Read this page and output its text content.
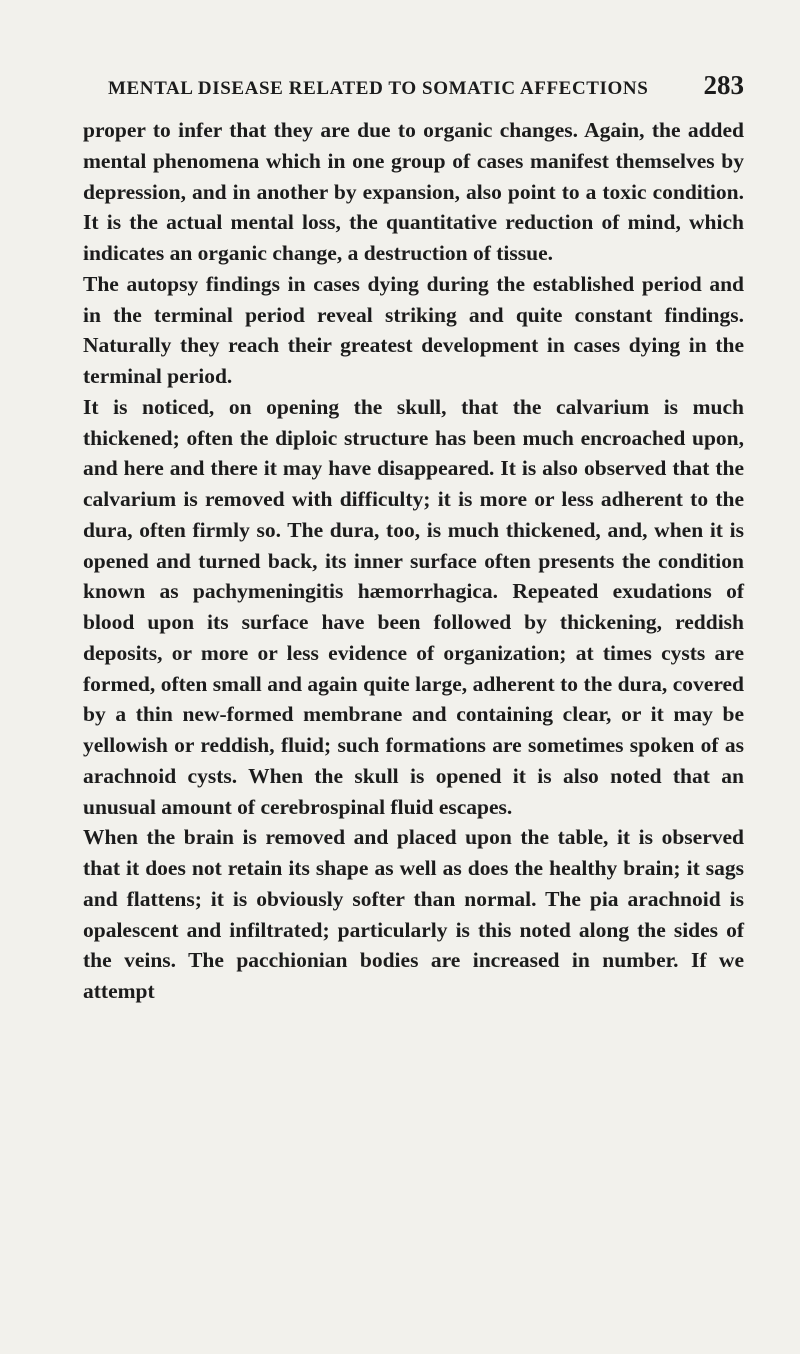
MENTAL DISEASE RELATED TO SOMATIC AFFECTIONS 283

proper to infer that they are due to organic changes. Again, the added mental phenomena which in one group of cases manifest themselves by depression, and in another by expansion, also point to a toxic condition. It is the actual mental loss, the quantitative reduction of mind, which indicates an organic change, a destruction of tissue.

The autopsy findings in cases dying during the established period and in the terminal period reveal striking and quite constant findings. Naturally they reach their greatest development in cases dying in the terminal period.

It is noticed, on opening the skull, that the calvarium is much thickened; often the diploic structure has been much encroached upon, and here and there it may have disappeared. It is also observed that the calvarium is removed with difficulty; it is more or less adherent to the dura, often firmly so. The dura, too, is much thickened, and, when it is opened and turned back, its inner surface often presents the condition known as pachymeningitis hæmorrhagica. Repeated exudations of blood upon its surface have been followed by thickening, reddish deposits, or more or less evidence of organization; at times cysts are formed, often small and again quite large, adherent to the dura, covered by a thin new-formed membrane and containing clear, or it may be yellowish or reddish, fluid; such formations are sometimes spoken of as arachnoid cysts. When the skull is opened it is also noted that an unusual amount of cerebrospinal fluid escapes.

When the brain is removed and placed upon the table, it is observed that it does not retain its shape as well as does the healthy brain; it sags and flattens; it is obviously softer than normal. The pia arachnoid is opalescent and infiltrated; particularly is this noted along the sides of the veins. The pacchionian bodies are increased in number. If we attempt
